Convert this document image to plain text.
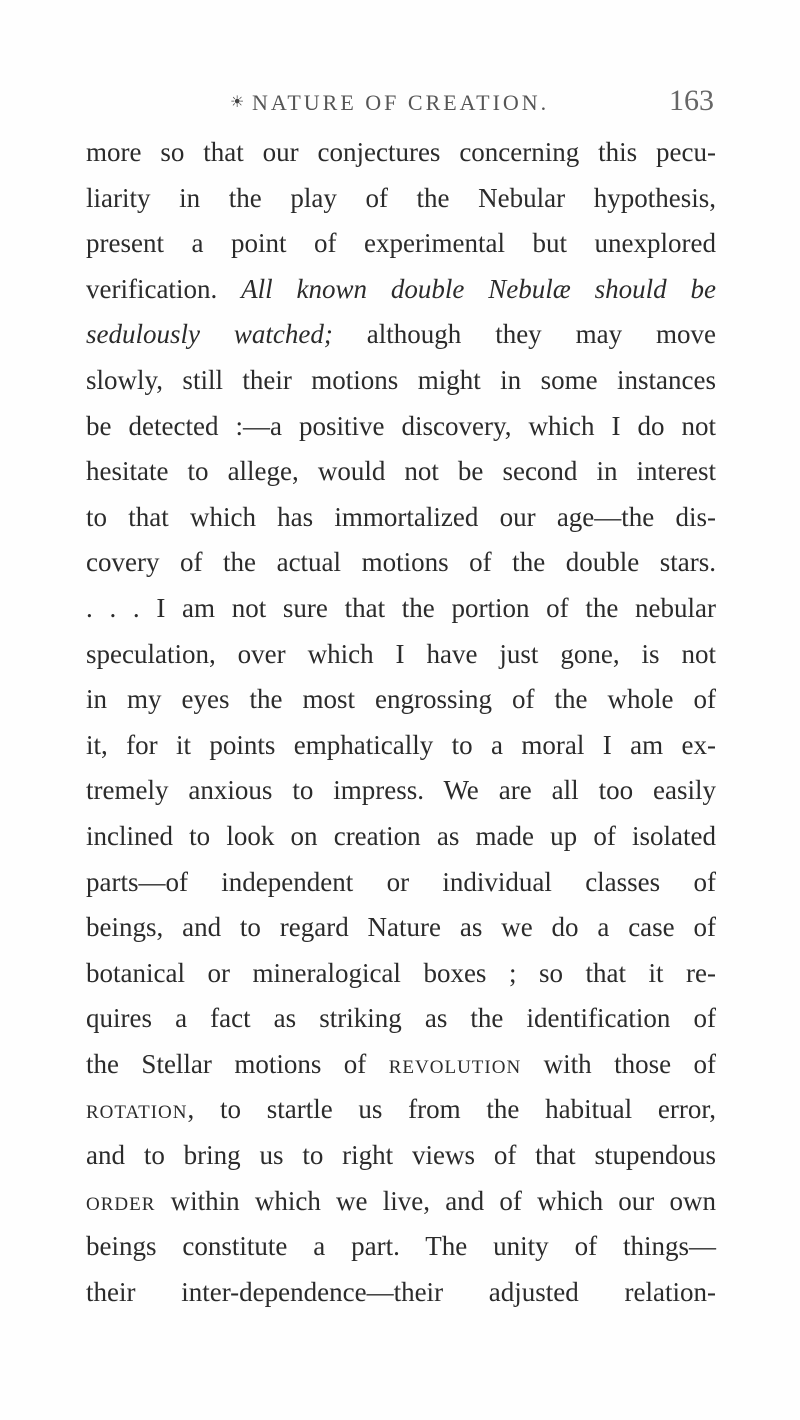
☀ NATURE OF CREATION.	163
more so that our conjectures concerning this pecu-
liarity in the play of the Nebular hypothesis,
present a point of experimental but unexplored
verification. All known double Nebulæ should be
sedulously watched; although they may move
slowly, still their motions might in some instances
be detected :—a positive discovery, which I do not
hesitate to allege, would not be second in interest
to that which has immortalized our age—the dis-
covery of the actual motions of the double stars.
. . . I am not sure that the portion of the nebular
speculation, over which I have just gone, is not
in my eyes the most engrossing of the whole of
it, for it points emphatically to a moral I am ex-
tremely anxious to impress. We are all too easily
inclined to look on creation as made up of isolated
parts—of independent or individual classes of
beings, and to regard Nature as we do a case of
botanical or mineralogical boxes ; so that it re-
quires a fact as striking as the identification of
the Stellar motions of revolution with those of
rotation, to startle us from the habitual error,
and to bring us to right views of that stupendous
order within which we live, and of which our own
beings constitute a part. The unity of things—
their inter-dependence—their adjusted relation-
